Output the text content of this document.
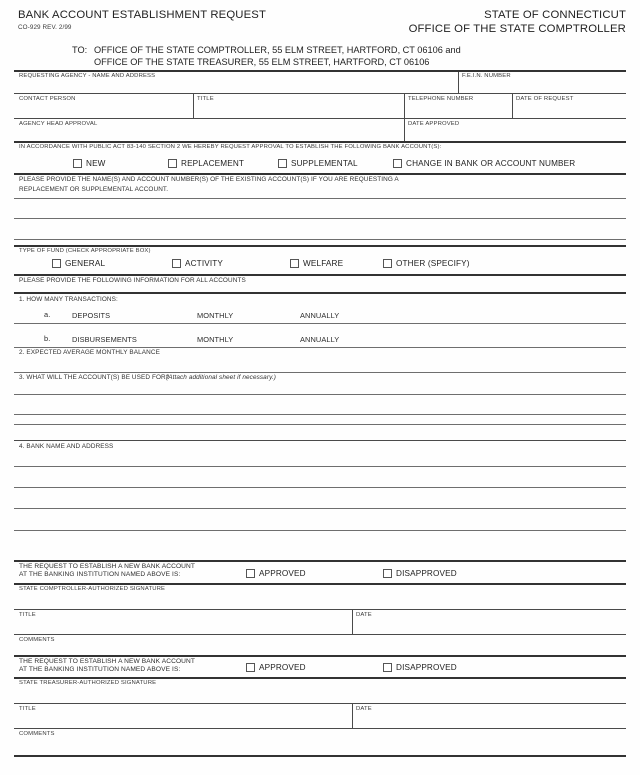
BANK ACCOUNT ESTABLISHMENT REQUEST
CO-929 REV. 2/99
STATE OF CONNECTICUT
OFFICE OF THE STATE COMPTROLLER
TO: OFFICE OF THE STATE COMPTROLLER, 55 ELM STREET, HARTFORD, CT 06106 and
OFFICE OF THE STATE TREASURER, 55 ELM STREET, HARTFORD, CT 06106
REQUESTING AGENCY - NAME AND ADDRESS	F.E.I.N. NUMBER
CONTACT PERSON	TITLE	TELEPHONE NUMBER	DATE OF REQUEST
AGENCY HEAD APPROVAL	DATE APPROVED
IN ACCORDANCE WITH PUBLIC ACT 83-140 SECTION 2 WE HEREBY REQUEST APPROVAL TO ESTABLISH THE FOLLOWING BANK ACCOUNT(S):
NEW	REPLACEMENT	SUPPLEMENTAL	CHANGE IN BANK OR ACCOUNT NUMBER
PLEASE PROVIDE THE NAME(S) AND ACCOUNT NUMBER(S) OF THE EXISTING ACCOUNT(S) IF YOU ARE REQUESTING A
REPLACEMENT OR SUPPLEMENTAL ACCOUNT.
TYPE OF FUND (CHECK APPROPRIATE BOX)
GENERAL	ACTIVITY	WELFARE	OTHER (SPECIFY)
PLEASE PROVIDE THE FOLLOWING INFORMATION FOR ALL ACCOUNTS
1. HOW MANY TRANSACTIONS:
a.	DEPOSITS	MONTHLY	ANNUALLY
b.	DISBURSEMENTS	MONTHLY	ANNUALLY
2. EXPECTED AVERAGE MONTHLY BALANCE
3. WHAT WILL THE ACCOUNT(S) BE USED FOR?
(Attach additional sheet if necessary.)
4. BANK NAME AND ADDRESS
THE REQUEST TO ESTABLISH A NEW BANK ACCOUNT
AT THE BANKING INSTITUTION NAMED ABOVE IS:	APPROVED	DISAPPROVED
STATE COMPTROLLER-AUTHORIZED SIGNATURE
TITLE	DATE
COMMENTS
THE REQUEST TO ESTABLISH A NEW BANK ACCOUNT
AT THE BANKING INSTITUTION NAMED ABOVE IS:	APPROVED	DISAPPROVED
STATE TREASURER-AUTHORIZED SIGNATURE
TITLE	DATE
COMMENTS
